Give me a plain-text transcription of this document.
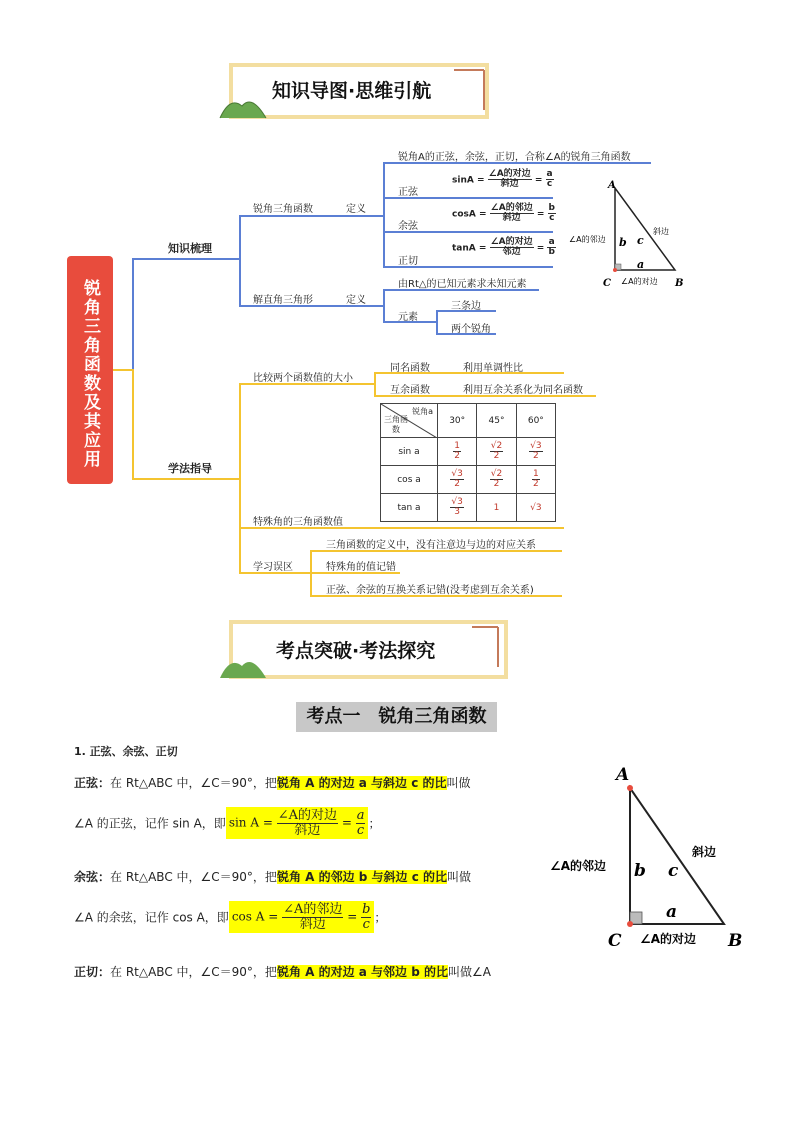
知识导图·思维引航
锐角三角函数及其应用
知识梳理
学法指导
锐角三角函数	定义
解直角三角形	定义
锐角A的正弦，余弦，正切，合称∠A的锐角三角函数
正弦
余弦
正切
$\sin A = \frac{\text{∠A的对边}}{\text{斜边}} = \frac{a}{c}$
$\cos A = \frac{\text{∠A的邻边}}{\text{斜边}} = \frac{b}{c}$
$\tan A = \frac{\text{∠A的对边}}{\text{邻边}} = \frac{a}{b}$
由Rt△的已知元素求未知元素
元素
三条边
两个锐角
A
C	B
b c
a
斜边
∠A的邻边
∠A的对边
比较两个函数值的大小
同名函数	利用单调性比
互余函数	利用互余关系化为同名函数
锐角a
三角函数	30°	45°	60°
sin a	$\frac{1}{2}$	$\frac{√2}{2}$	$\frac{√3}{2}$

cos a	$\frac{√3}{2}$	$\frac{√2}{2}$	$\frac{1}{2}$

tan a	$\frac{√3}{3}$	1	√3
特殊角的三角函数值
学习误区
三角函数的定义中，没有注意边与边的对应关系
特殊角的值记错
正弦、余弦的互换关系记错(没考虑到互余关系)
考点突破·考法探究
考点一　锐角三角函数
1. 正弦、余弦、正切
正弦：在 Rt△ABC 中，∠C＝90°，把锐角 A 的对边 a 与斜边 c 的比叫做
∠A 的正弦，记作 sin A，即 $\sin A = \frac{\text{∠A的对边}}{\text{斜边}} = \frac{a}{c}$ ；
余弦：在 Rt△ABC 中，∠C＝90°，把锐角 A 的邻边 b 与斜边 c 的比叫做
∠A 的余弦，记作 cos A，即 $\cos A = \frac{\text{∠A的邻边}}{\text{斜边}} = \frac{b}{c}$ ；
正切：在 Rt△ABC 中，∠C＝90°，把锐角 A 的对边 a 与邻边 b 的比叫做∠A
A
C	B
b c
a
斜边
∠A的邻边
∠A的对边
